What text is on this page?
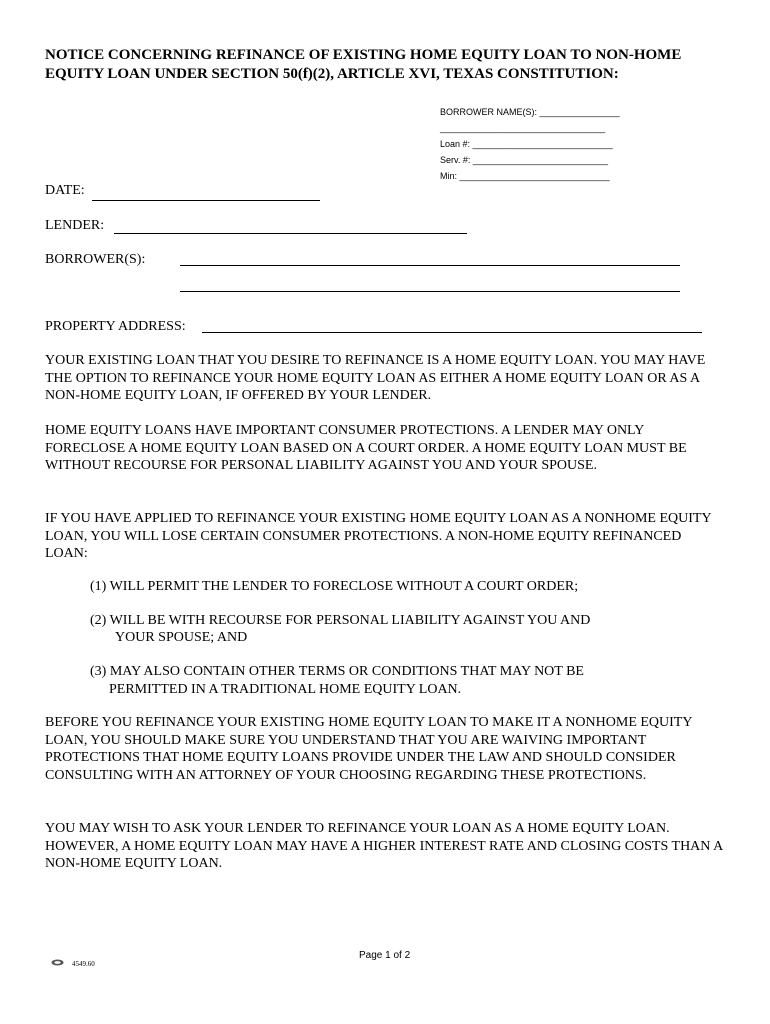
NOTICE CONCERNING REFINANCE OF EXISTING HOME EQUITY LOAN TO NON-HOME EQUITY LOAN UNDER SECTION 50(f)(2), ARTICLE XVI, TEXAS CONSTITUTION:
BORROWER NAME(S): ________________
_________________________________
Loan #: ____________________________
Serv. #: ___________________________
Min: ______________________________
DATE:
LENDER:
BORROWER(S):
PROPERTY ADDRESS:
YOUR EXISTING LOAN THAT YOU DESIRE TO REFINANCE IS A HOME EQUITY LOAN. YOU MAY HAVE THE OPTION TO REFINANCE YOUR HOME EQUITY LOAN AS EITHER A HOME EQUITY LOAN OR AS A NON-HOME EQUITY LOAN, IF OFFERED BY YOUR LENDER.
HOME EQUITY LOANS HAVE IMPORTANT CONSUMER PROTECTIONS. A LENDER MAY ONLY FORECLOSE A HOME EQUITY LOAN BASED ON A COURT ORDER. A HOME EQUITY LOAN MUST BE WITHOUT RECOURSE FOR PERSONAL LIABILITY AGAINST YOU AND YOUR SPOUSE.
IF YOU HAVE APPLIED TO REFINANCE YOUR EXISTING HOME EQUITY LOAN AS A NONHOME EQUITY LOAN, YOU WILL LOSE CERTAIN CONSUMER PROTECTIONS. A NON-HOME EQUITY REFINANCED LOAN:
(1) WILL PERMIT THE LENDER TO FORECLOSE WITHOUT A COURT ORDER;
(2) WILL BE WITH RECOURSE FOR PERSONAL LIABILITY AGAINST YOU AND
YOUR SPOUSE; AND
(3) MAY ALSO CONTAIN OTHER TERMS OR CONDITIONS THAT MAY NOT BE
PERMITTED IN A TRADITIONAL HOME EQUITY LOAN.
BEFORE YOU REFINANCE YOUR EXISTING HOME EQUITY LOAN TO MAKE IT A NONHOME EQUITY LOAN, YOU SHOULD MAKE SURE YOU UNDERSTAND THAT YOU ARE WAIVING IMPORTANT PROTECTIONS THAT HOME EQUITY LOANS PROVIDE UNDER THE LAW AND SHOULD CONSIDER CONSULTING WITH AN ATTORNEY OF YOUR CHOOSING REGARDING THESE PROTECTIONS.
YOU MAY WISH TO ASK YOUR LENDER TO REFINANCE YOUR LOAN AS A HOME EQUITY LOAN. HOWEVER, A HOME EQUITY LOAN MAY HAVE A HIGHER INTEREST RATE AND CLOSING COSTS THAN A NON-HOME EQUITY LOAN.
Page 1 of 2
4549.60
